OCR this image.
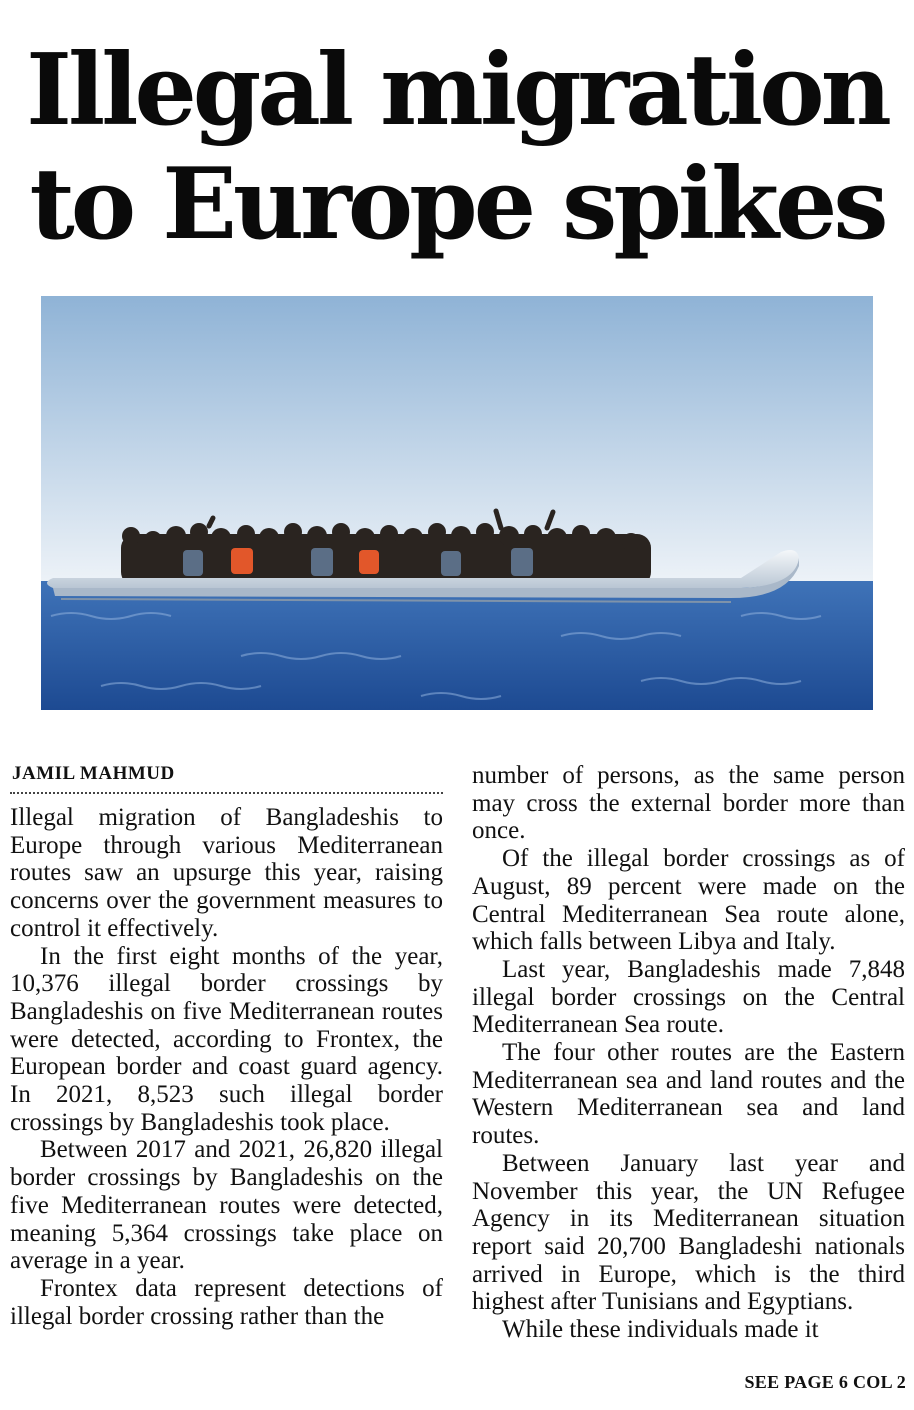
Illegal migration
to Europe spikes
JAMIL MAHMUD

Illegal migration of Bangladeshis to Europe through various Mediterranean routes saw an upsurge this year, raising concerns over the government measures to control it effectively.

In the first eight months of the year, 10,376 illegal border crossings by Bangladeshis on five Mediterranean routes were detected, according to Frontex, the European border and coast guard agency. In 2021, 8,523 such illegal border crossings by Bangladeshis took place.

Between 2017 and 2021, 26,820 illegal border crossings by Bangladeshis on the five Mediterranean routes were detected, meaning 5,364 crossings take place on average in a year.

Frontex data represent detections of illegal border crossing rather than the

number of persons, as the same person may cross the external border more than once.

Of the illegal border crossings as of August, 89 percent were made on the Central Mediterranean Sea route alone, which falls between Libya and Italy.

Last year, Bangladeshis made 7,848 illegal border crossings on the Central Mediterranean Sea route.

The four other routes are the Eastern Mediterranean sea and land routes and the Western Mediterranean sea and land routes.

Between January last year and November this year, the UN Refugee Agency in its Mediterranean situation report said 20,700 Bangladeshi nationals arrived in Europe, which is the third highest after Tunisians and Egyptians.

While these individuals made it

SEE PAGE 6 COL 2
